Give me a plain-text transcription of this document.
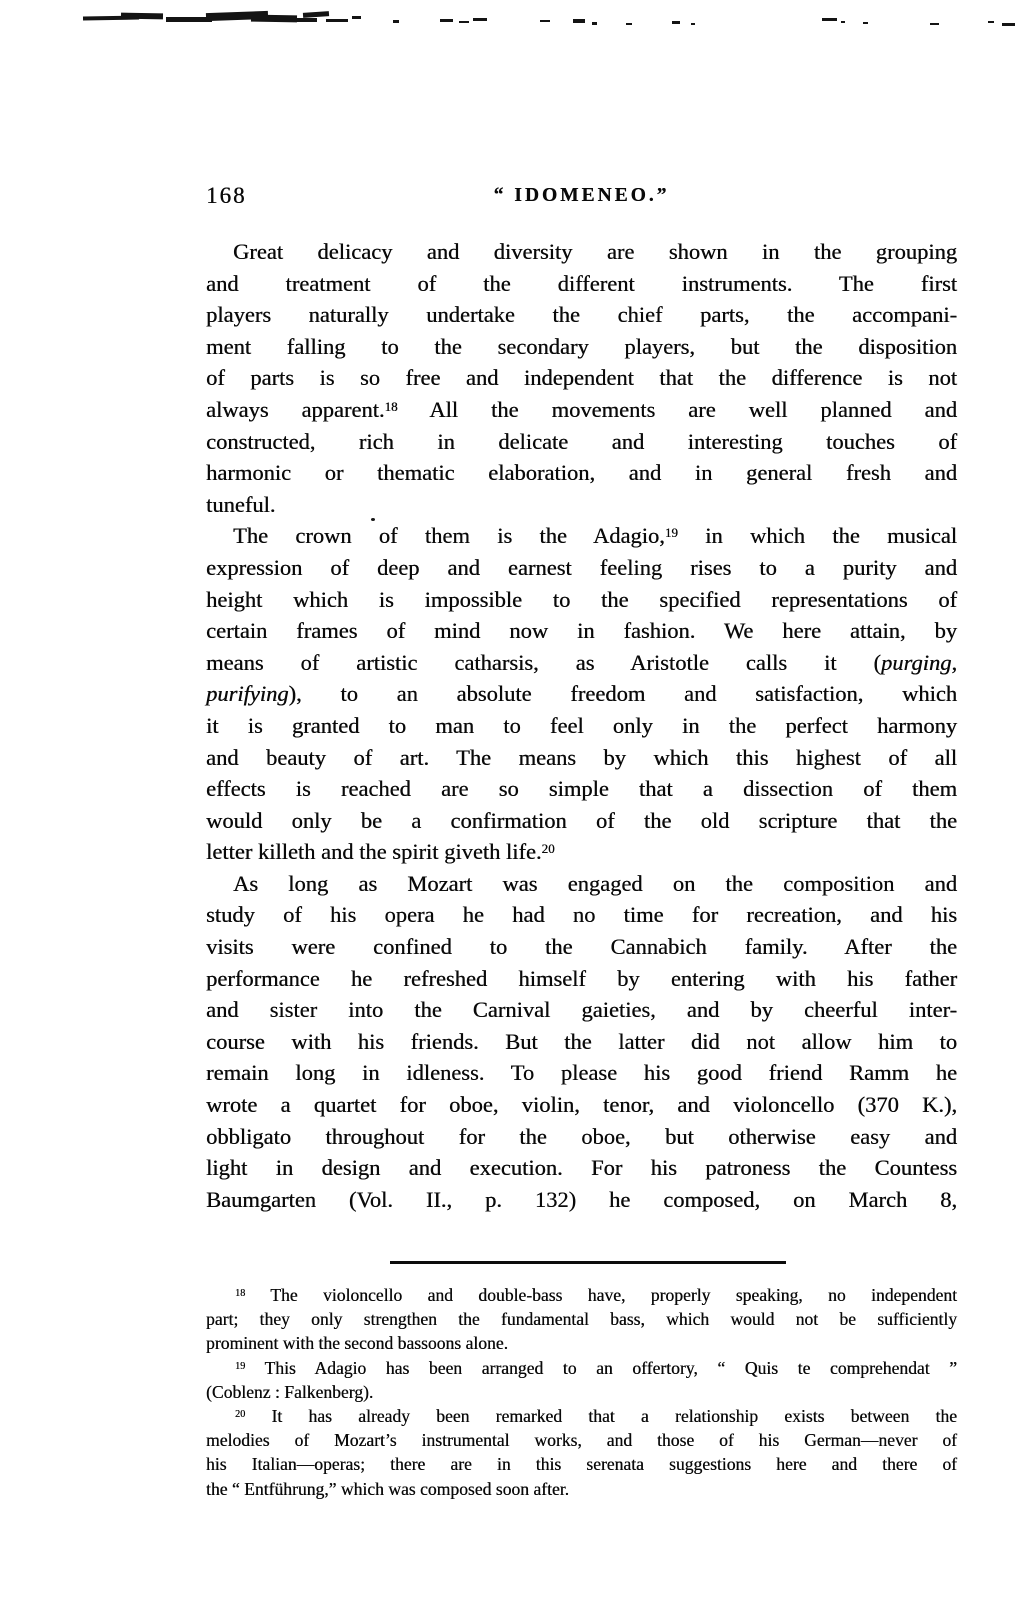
168	“ IDOMENEO.”
Great delicacy and diversity are shown in the grouping
and treatment of the different instruments. The first
players naturally undertake the chief parts, the accompani-
ment falling to the secondary players, but the disposition
of parts is so free and independent that the difference is not
always apparent.$^{18}$ All the movements are well planned and
constructed, rich in delicate and interesting touches of
harmonic or thematic elaboration, and in general fresh and
tuneful.
The crown of them is the Adagio,$^{19}$ in which the musical
expression of deep and earnest feeling rises to a purity and
height which is impossible to the specified representations of
certain frames of mind now in fashion. We here attain, by
means of artistic catharsis, as Aristotle calls it (purging,
purifying), to an absolute freedom and satisfaction, which
it is granted to man to feel only in the perfect harmony
and beauty of art. The means by which this highest of all
effects is reached are so simple that a dissection of them
would only be a confirmation of the old scripture that the
letter killeth and the spirit giveth life.$^{20}$
As long as Mozart was engaged on the composition and
study of his opera he had no time for recreation, and his
visits were confined to the Cannabich family. After the
performance he refreshed himself by entering with his father
and sister into the Carnival gaieties, and by cheerful inter-
course with his friends. But the latter did not allow him to
remain long in idleness. To please his good friend Ramm he
wrote a quartet for oboe, violin, tenor, and violoncello (370 K.),
obbligato throughout for the oboe, but otherwise easy and
light in design and execution. For his patroness the Countess
Baumgarten (Vol. II., p. 132) he composed, on March 8,
$^{18}$ The violoncello and double-bass have, properly speaking, no independent
part; they only strengthen the fundamental bass, which would not be sufficiently
prominent with the second bassoons alone.
$^{19}$ This Adagio has been arranged to an offertory, “ Quis te comprehendat ”
(Coblenz : Falkenberg).
$^{20}$ It has already been remarked that a relationship exists between the
melodies of Mozart’s instrumental works, and those of his German—never of
his Italian—operas; there are in this serenata suggestions here and there of
the “ Entführung,” which was composed soon after.
